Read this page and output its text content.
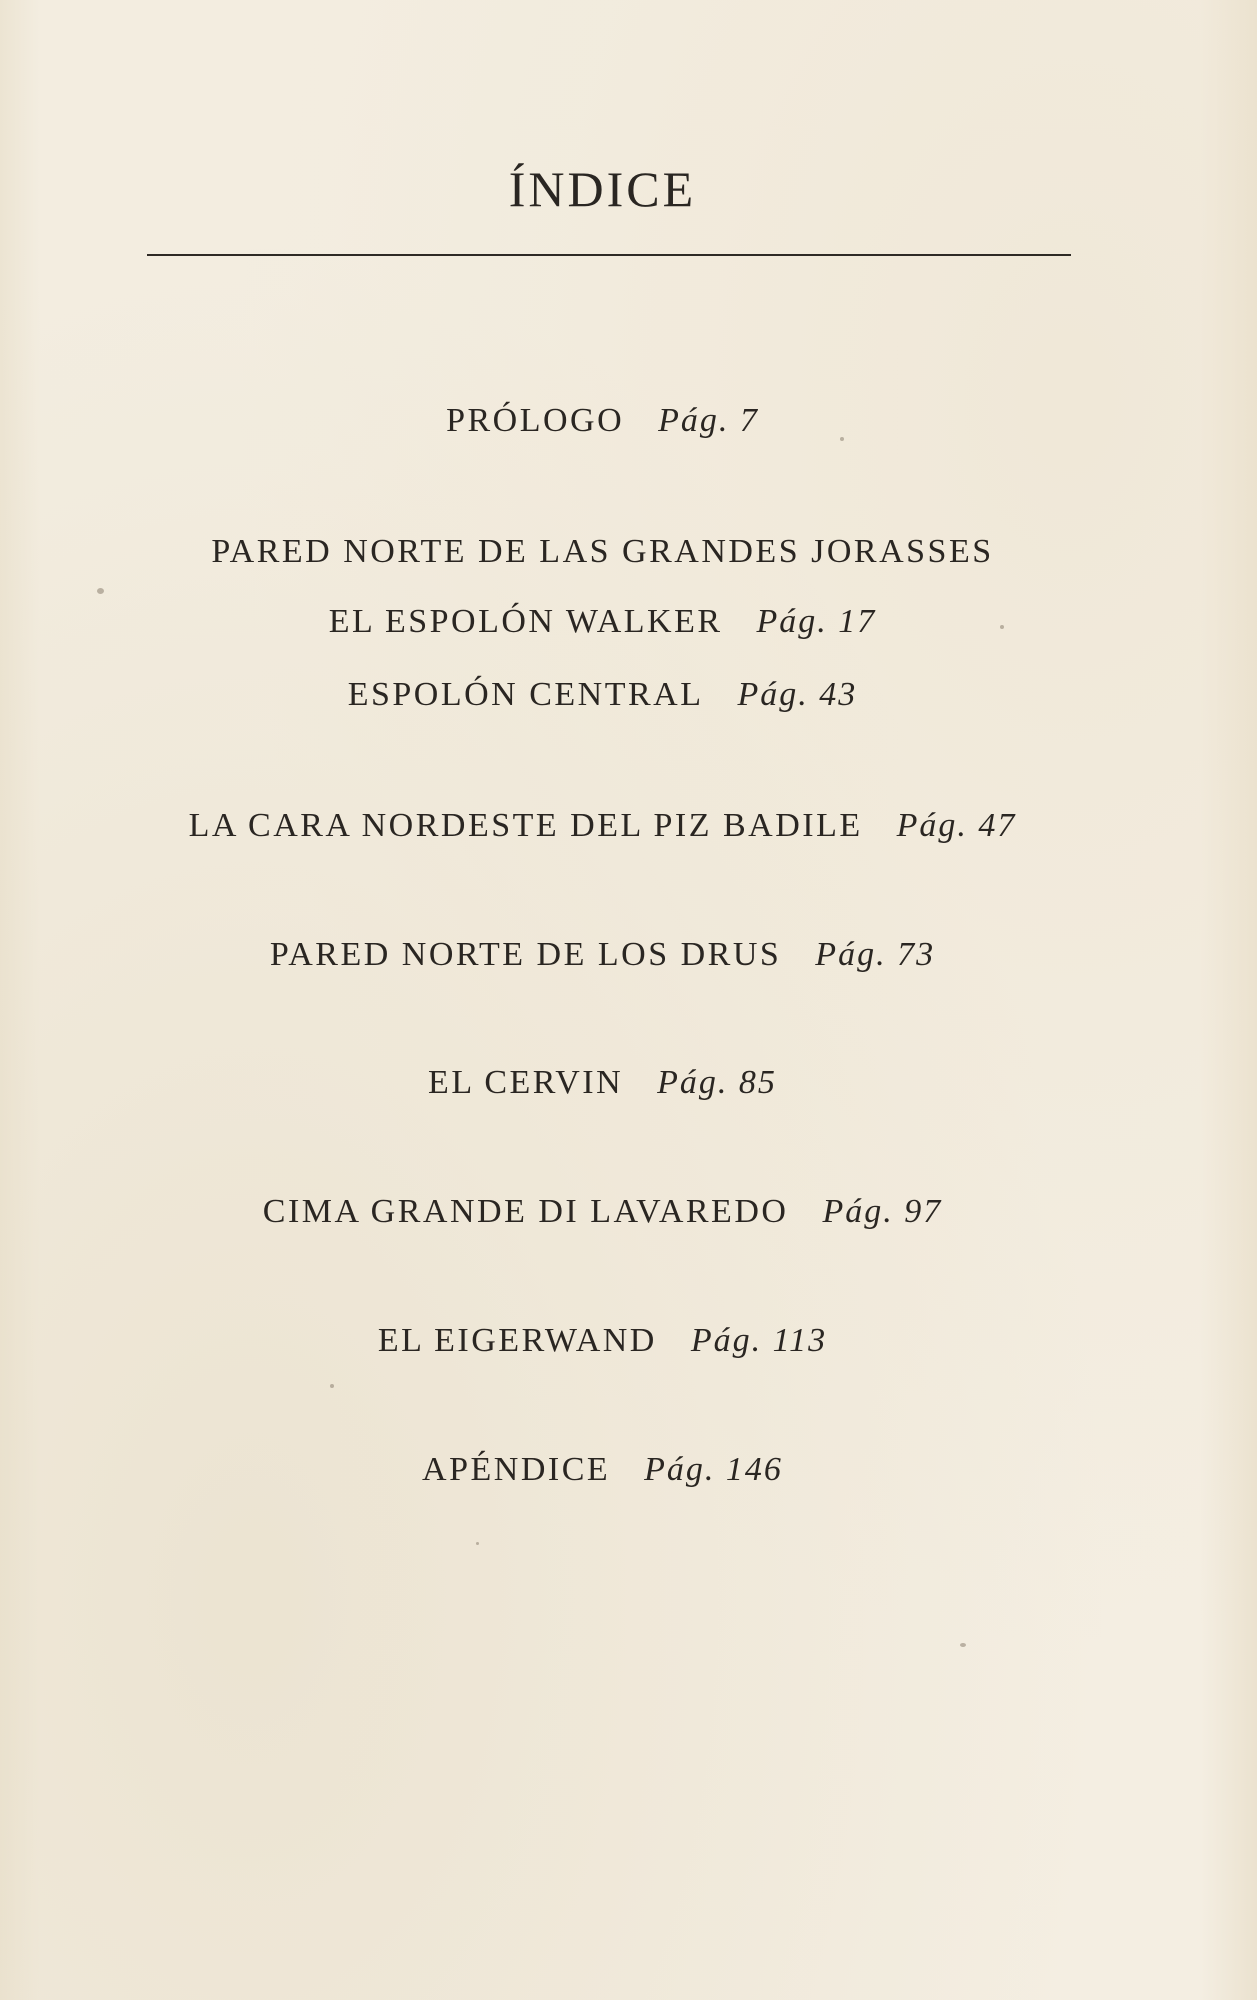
ÍNDICE
PRÓLOGO Pág. 7
PARED NORTE DE LAS GRANDES JORASSES
EL ESPOLÓN WALKER Pág. 17
ESPOLÓN CENTRAL Pág. 43
LA CARA NORDESTE DEL PIZ BADILE Pág. 47
PARED NORTE DE LOS DRUS Pág. 73
EL CERVIN Pág. 85
CIMA GRANDE DI LAVAREDO Pág. 97
EL EIGERWAND Pág. 113
APÉNDICE Pág. 146
